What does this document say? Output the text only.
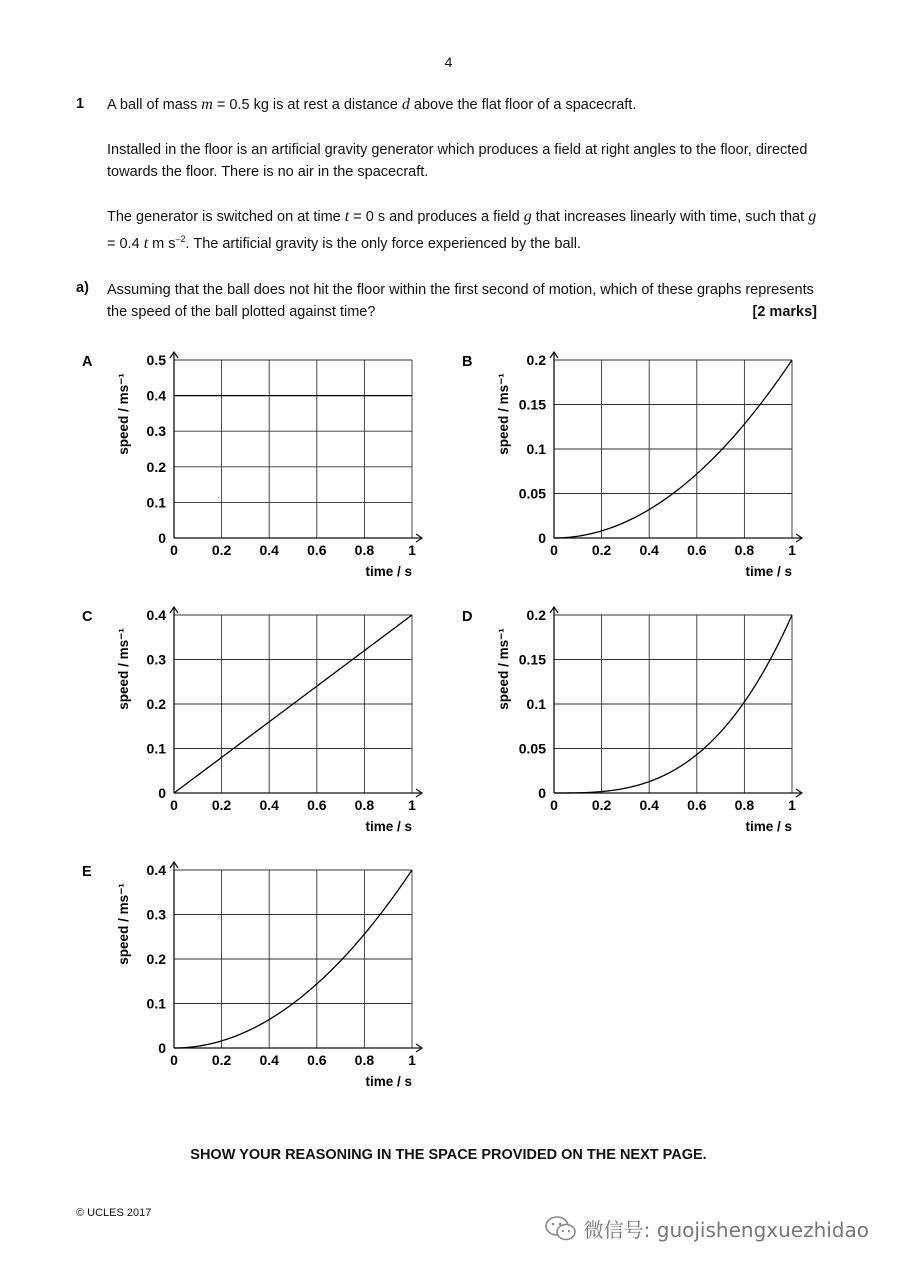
4
1 A ball of mass m = 0.5 kg is at rest a distance d above the flat floor of a spacecraft.
Installed in the floor is an artificial gravity generator which produces a field at right angles to the floor, directed towards the floor. There is no air in the spacecraft.
The generator is switched on at time t = 0 s and produces a field g that increases linearly with time, such that g = 0.4 t m $s^{-2}$. The artificial gravity is the only force experienced by the ball.
a) Assuming that the ball does not hit the floor within the first second of motion, which of these graphs represents the speed of the ball plotted against time?	[2 marks]
A
0 0.2 0.4 0.6 0.8 1
0
0.1
0.2
0.3
0.4
0.5
time / s
speed / ms⁻¹
B
0 0.2 0.4 0.6 0.8 1
0
0.05
0.1
0.15
0.2
time / s
speed / ms⁻¹
C
0 0.2 0.4 0.6 0.8 1
0
0.1
0.2
0.3
0.4
time / s
speed / ms⁻¹
D
0 0.2 0.4 0.6 0.8 1
0
0.05
0.1
0.15
0.2
time / s
speed / ms⁻¹
E
0 0.2 0.4 0.6 0.8 1
0
0.1
0.2
0.3
0.4
time / s
speed / ms⁻¹
SHOW YOUR REASONING IN THE SPACE PROVIDED ON THE NEXT PAGE.
© UCLES 2017
微信号: guojishengxuezhidao
